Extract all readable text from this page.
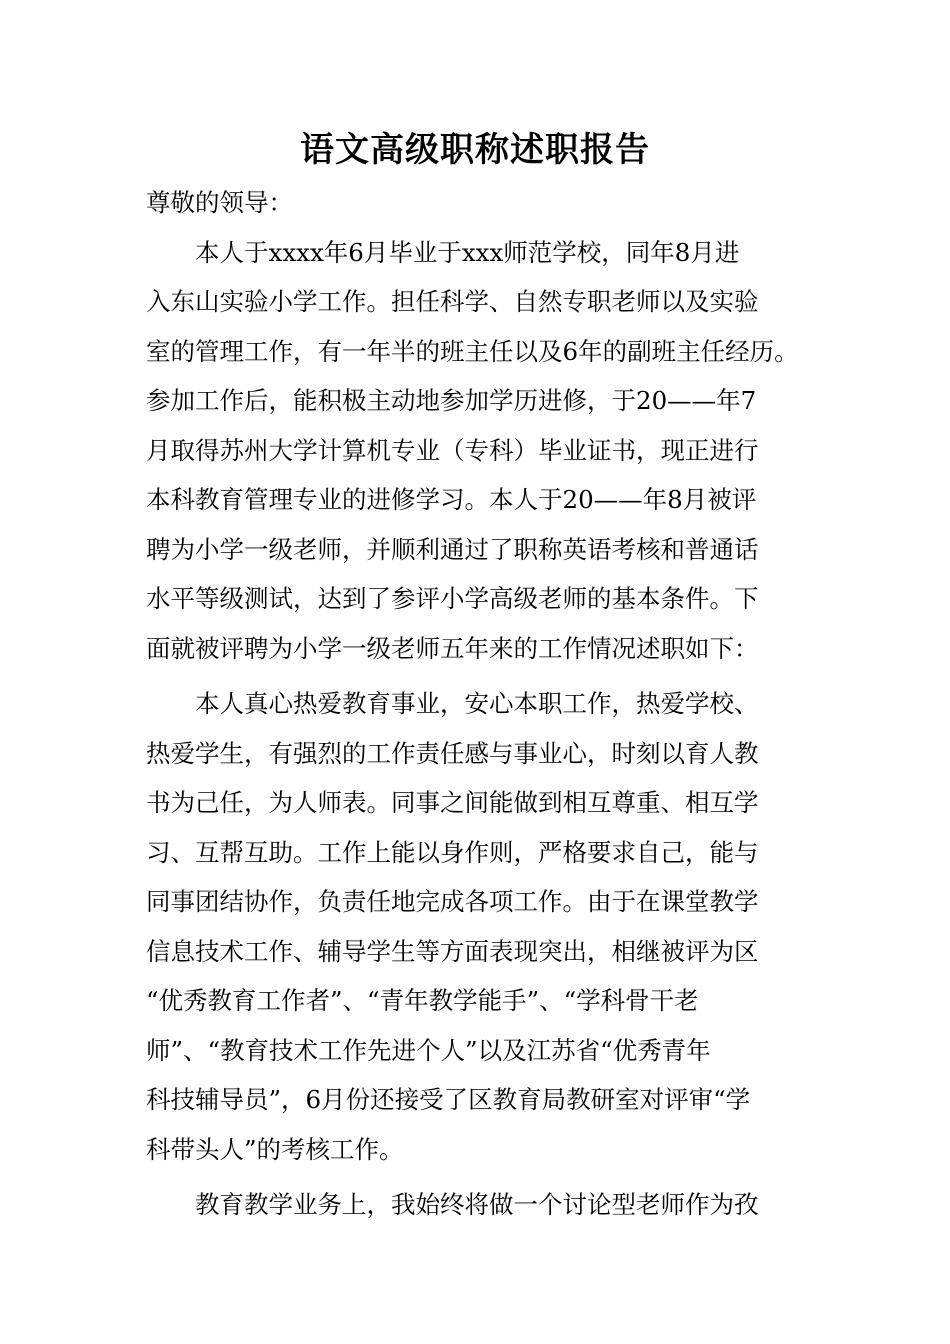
语文高级职称述职报告
尊敬的领导：
　　本人于xxxx年6月毕业于xxx师范学校，同年8月进
入东山实验小学工作。担任科学、自然专职老师以及实验
室的管理工作，有一年半的班主任以及6年的副班主任经历。
参加工作后，能积极主动地参加学历进修，于20——年7
月取得苏州大学计算机专业（专科）毕业证书，现正进行
本科教育管理专业的进修学习。本人于20——年8月被评
聘为小学一级老师，并顺利通过了职称英语考核和普通话
水平等级测试，达到了参评小学高级老师的基本条件。下
面就被评聘为小学一级老师五年来的工作情况述职如下：
　　本人真心热爱教育事业，安心本职工作，热爱学校、
热爱学生，有强烈的工作责任感与事业心，时刻以育人教
书为己任，为人师表。同事之间能做到相互尊重、相互学
习、互帮互助。工作上能以身作则，严格要求自己，能与
同事团结协作，负责任地完成各项工作。由于在课堂教学
信息技术工作、辅导学生等方面表现突出，相继被评为区
“优秀教育工作者”、“青年教学能手”、“学科骨干老
师”、“教育技术工作先进个人”以及江苏省“优秀青年
科技辅导员”，6月份还接受了区教育局教研室对评审“学
科带头人”的考核工作。
　　教育教学业务上，我始终将做一个讨论型老师作为孜
